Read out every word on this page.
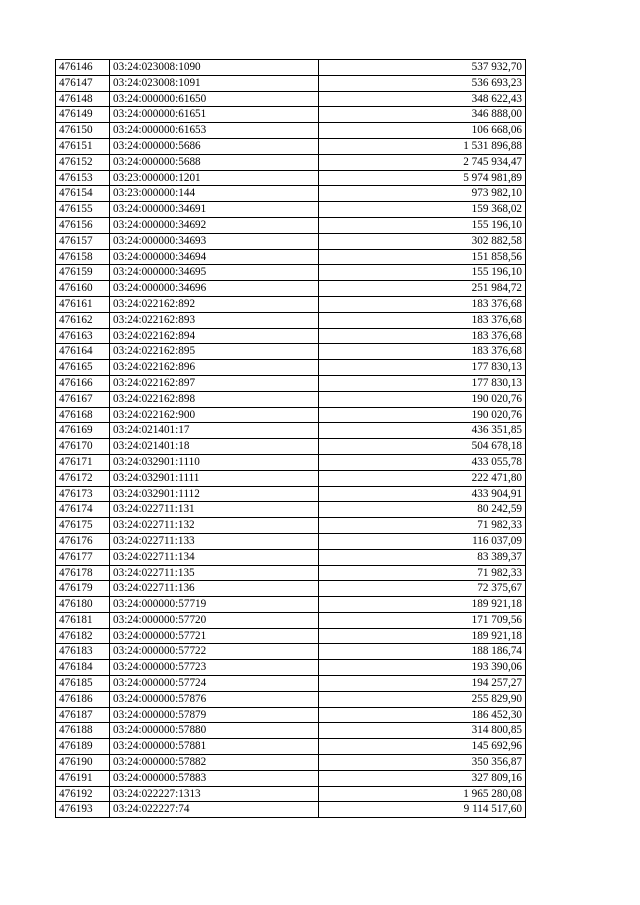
476146	03:24:023008:1090	537 932,70
476147	03:24:023008:1091	536 693,23
476148	03:24:000000:61650	348 622,43
476149	03:24:000000:61651	346 888,00
476150	03:24:000000:61653	106 668,06
476151	03:24:000000:5686	1 531 896,88
476152	03:24:000000:5688	2 745 934,47
476153	03:23:000000:1201	5 974 981,89
476154	03:23:000000:144	973 982,10
476155	03:24:000000:34691	159 368,02
476156	03:24:000000:34692	155 196,10
476157	03:24:000000:34693	302 882,58
476158	03:24:000000:34694	151 858,56
476159	03:24:000000:34695	155 196,10
476160	03:24:000000:34696	251 984,72
476161	03:24:022162:892	183 376,68
476162	03:24:022162:893	183 376,68
476163	03:24:022162:894	183 376,68
476164	03:24:022162:895	183 376,68
476165	03:24:022162:896	177 830,13
476166	03:24:022162:897	177 830,13
476167	03:24:022162:898	190 020,76
476168	03:24:022162:900	190 020,76
476169	03:24:021401:17	436 351,85
476170	03:24:021401:18	504 678,18
476171	03:24:032901:1110	433 055,78
476172	03:24:032901:1111	222 471,80
476173	03:24:032901:1112	433 904,91
476174	03:24:022711:131	80 242,59
476175	03:24:022711:132	71 982,33
476176	03:24:022711:133	116 037,09
476177	03:24:022711:134	83 389,37
476178	03:24:022711:135	71 982,33
476179	03:24:022711:136	72 375,67
476180	03:24:000000:57719	189 921,18
476181	03:24:000000:57720	171 709,56
476182	03:24:000000:57721	189 921,18
476183	03:24:000000:57722	188 186,74
476184	03:24:000000:57723	193 390,06
476185	03:24:000000:57724	194 257,27
476186	03:24:000000:57876	255 829,90
476187	03:24:000000:57879	186 452,30
476188	03:24:000000:57880	314 800,85
476189	03:24:000000:57881	145 692,96
476190	03:24:000000:57882	350 356,87
476191	03:24:000000:57883	327 809,16
476192	03:24:022227:1313	1 965 280,08
476193	03:24:022227:74	9 114 517,60
